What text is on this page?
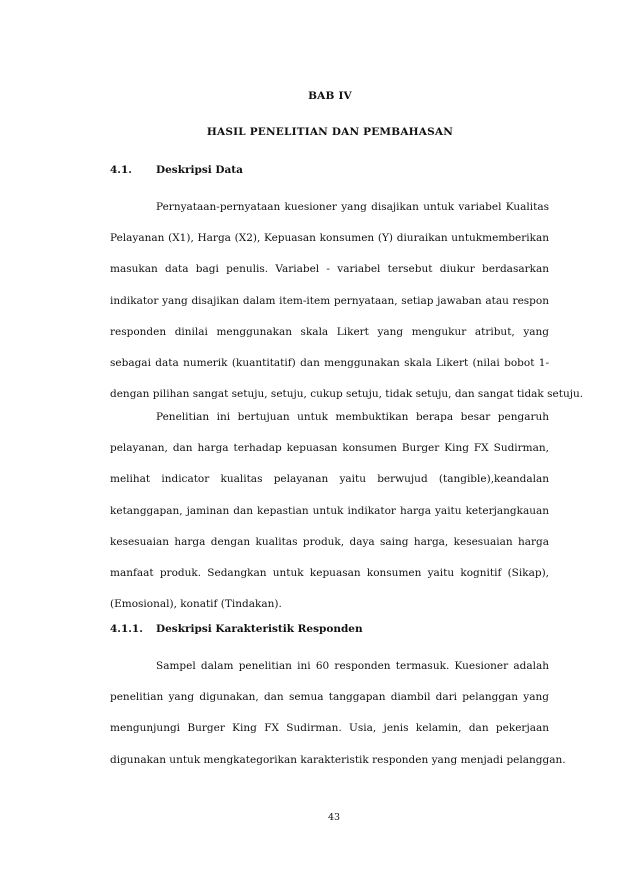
BAB IV
HASIL PENELITIAN DAN PEMBAHASAN
4.1. Deskripsi Data
Pernyataan-pernyataan kuesioner yang disajikan untuk variabel Kualitas
Pelayanan (X1), Harga (X2), Kepuasan konsumen (Y) diuraikan untukmemberikan
masukan data bagi penulis. Variabel - variabel tersebut diukur berdasarkan
indikator yang disajikan dalam item-item pernyataan, setiap jawaban atau respon
responden dinilai menggunakan skala Likert yang mengukur atribut, yang
sebagai data numerik (kuantitatif) dan menggunakan skala Likert (nilai bobot 1-
dengan pilihan sangat setuju, setuju, cukup setuju, tidak setuju, dan sangat tidak setuju.
Penelitian ini bertujuan untuk membuktikan berapa besar pengaruh
pelayanan, dan harga terhadap kepuasan konsumen Burger King FX Sudirman,
melihat indicator kualitas pelayanan yaitu berwujud (tangible),keandalan
ketanggapan, jaminan dan kepastian untuk indikator harga yaitu keterjangkauan
kesesuaian harga dengan kualitas produk, daya saing harga, kesesuaian harga
manfaat produk. Sedangkan untuk kepuasan konsumen yaitu kognitif (Sikap),
(Emosional), konatif (Tindakan).
4.1.1. Deskripsi Karakteristik Responden
Sampel dalam penelitian ini 60 responden termasuk. Kuesioner adalah
penelitian yang digunakan, dan semua tanggapan diambil dari pelanggan yang
mengunjungi Burger King FX Sudirman. Usia, jenis kelamin, dan pekerjaan
digunakan untuk mengkategorikan karakteristik responden yang menjadi pelanggan.
43
